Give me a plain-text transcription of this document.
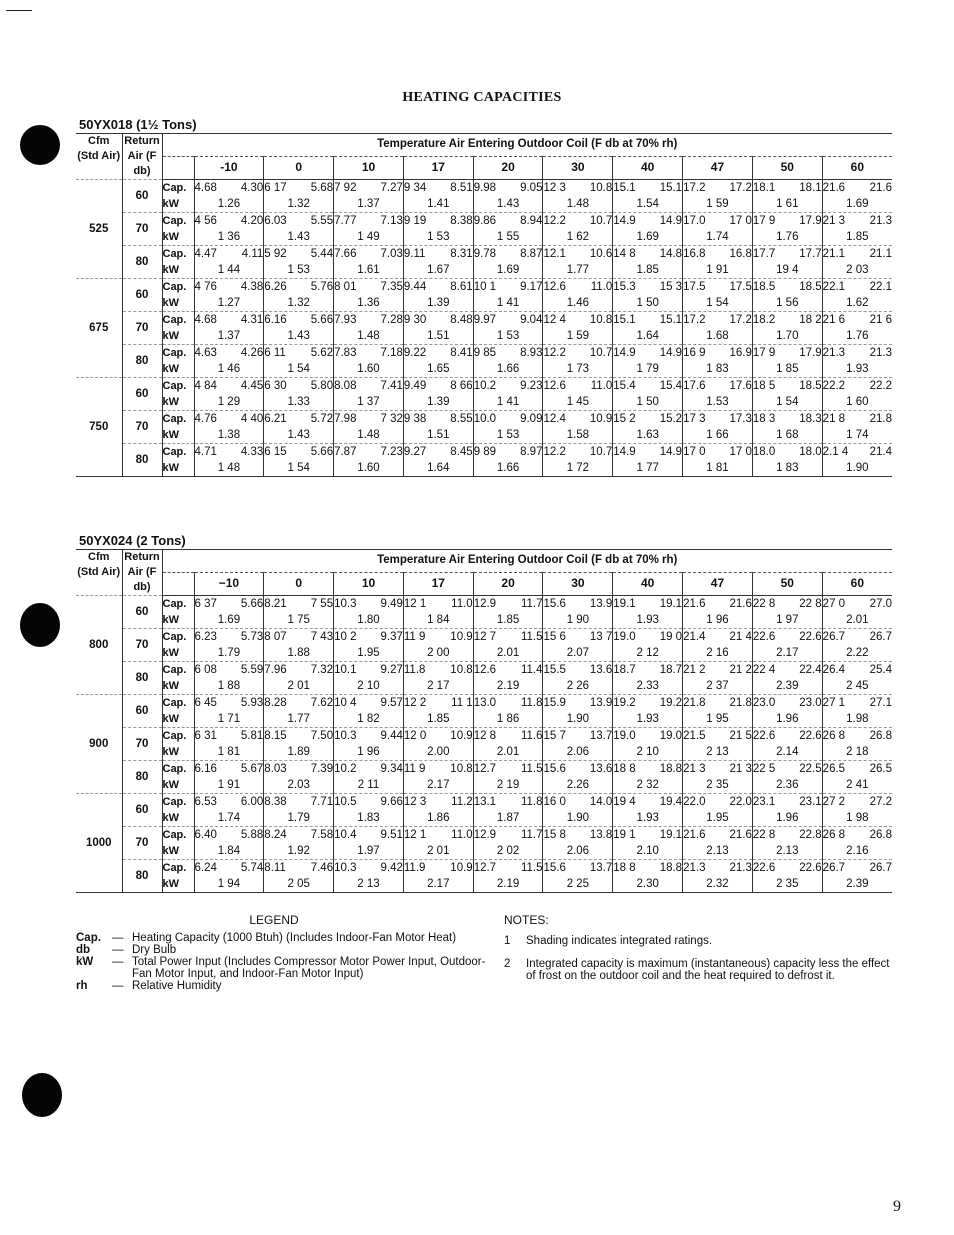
HEATING CAPACITIES
50YX018 (1½ Tons)
Cfm (Std Air)	Return Air (F db)	Temperature Air Entering Outdoor Coil (F db at 70% rh)										
			-10	0	10	17	20	30	40	47	50	60
525	60	Cap.	4.68 4.30	6 17 5.68	7 92 7.27	9 34 8.51	9.98 9.05	12 3 10.8	15.1 15.1	17.2 17.2	18.1 18.1	21.6 21.6

		kW	1.26	1.32	1.37	1.41	1.43	1.48	1.54	1 59	1 61	1.69
	70	Cap.	4 56 4.20	6.03 5.55	7.77 7.13	9 19 8.38	9.86 8.94	12.2 10.7	14.9 14.9	17.0 17 0	17 9 17.9	21 3 21.3

		kW	1 36	1.43	1 49	1 53	1 55	1 62	1.69	1.74	1.76	1.85
	80	Cap.	4.47 4.11	5 92 5.44	7.66 7.03	9.11 8.31	9.78 8.87	12.1 10.6	14 8 14.8	16.8 16.8	17.7 17.7	21.1 21.1

		kW	1 44	1 53	1.61	1.67	1.69	1.77	1.85	1 91	19 4	2 03
675	60	Cap.	4 76 4.38	6.26 5.76	8 01 7.35	9.44 8.61	10 1 9.17	12.6 11.0	15.3 15 3	17.5 17.5	18.5 18.5	22.1 22.1

		kW	1.27	1.32	1.36	1.39	1 41	1.46	1 50	1 54	1 56	1.62
	70	Cap.	4.68 4.31	6.16 5.66	7.93 7.28	9 30 8.48	9.97 9.04	12 4 10.8	15.1 15.1	17.2 17.2	18.2 18 2	21 6 21 6

		kW	1.37	1.43	1.48	1.51	1 53	1 59	1.64	1.68	1.70	1.76
	80	Cap.	4.63 4.26	6 11 5.62	7.83 7.18	9.22 8.41	9 85 8.93	12.2 10.7	14.9 14.9	16 9 16.9	17 9 17.9	21.3 21.3

		kW	1 46	1 54	1.60	1.65	1.66	1 73	1 79	1 83	1 85	1.93
750	60	Cap.	4 84 4.45	6 30 5.80	8.08 7.41	9.49 8 66	10.2 9.23	12.6 11.0	15.4 15.4	17.6 17.6	18 5 18.5	22.2 22.2

		kW	1 29	1.33	1 37	1.39	1 41	1 45	1 50	1.53	1 54	1 60
	70	Cap.	4.76 4 40	6.21 5.72	7.98 7 32	9 38 8.55	10.0 9.09	12.4 10.9	15 2 15.2	17 3 17.3	18 3 18.3	21 8 21.8

		kW	1.38	1.43	1.48	1.51	1 53	1.58	1.63	1 66	1 68	1 74
	80	Cap.	4.71 4.33	6 15 5.66	7.87 7.23	9.27 8.45	9 89 8.97	12.2 10.7	14.9 14.9	17 0 17 0	18.0 18.0	2.1 4 21.4

		kW	1 48	1 54	1.60	1.64	1.66	1 72	1 77	1 81	1 83	1.90
50YX024 (2 Tons)
Cfm (Std Air)	Return Air (F db)	Temperature Air Entering Outdoor Coil (F db at 70% rh)										
			−10	0	10	17	20	30	40	47	50	60
800	60	Cap.	6 37 5.66	8.21 7 55	10.3 9.49	12 1 11.0	12.9 11.7	15.6 13.9	19.1 19.1	21.6 21.6	22 8 22 8	27 0 27.0

		kW	1.69	1 75	1.80	1 84	1.85	1 90	1.93	1 96	1 97	2.01
	70	Cap.	6.23 5.73	8 07 7 43	10 2 9.37	11 9 10.9	12 7 11.5	15 6 13 7	19.0 19 0	21.4 21 4	22.6 22.6	26.7 26.7

		kW	1.79	1.88	1.95	2 00	2.01	2.07	2 12	2 16	2.17	2.22
	80	Cap.	6 08 5.59	7.96 7.32	10.1 9.27	11.8 10.8	12.6 11.4	15.5 13.6	18.7 18.7	21 2 21 2	22 4 22.4	26.4 25.4

		kW	1 88	2 01	2 10	2 17	2.19	2 26	2.33	2 37	2.39	2 45
900	60	Cap.	6 45 5.93	8.28 7.62	10 4 9.57	12 2 11 1	13.0 11.8	15.9 13.9	19.2 19.2	21.8 21.8	23.0 23.0	27 1 27.1

		kW	1 71	1.77	1 82	1.85	1 86	1.90	1.93	1 95	1.96	1.98
	70	Cap.	6 31 5.81	8.15 7.50	10.3 9.44	12 0 10.9	12 8 11.6	15 7 13.7	19.0 19.0	21.5 21 5	22.6 22.6	26 8 26.8

		kW	1 81	1.89	1 96	2.00	2.01	2.06	2 10	2 13	2.14	2 18
	80	Cap.	6.16 5.67	8.03 7.39	10.2 9.34	11 9 10.8	12.7 11.5	15.6 13.6	18 8 18.8	21 3 21 3	22 5 22.5	26.5 26.5

		kW	1 91	2.03	2 11	2.17	2 19	2.26	2 32	2 35	2.36	2 41
1000	60	Cap.	6.53 6.00	8.38 7.71	10.5 9.66	12 3 11.2	13.1 11.8	16 0 14.0	19 4 19.4	22.0 22.0	23.1 23.1	27 2 27.2

		kW	1.74	1.79	1.83	1.86	1.87	1.90	1.93	1.95	1.96	1 98
	70	Cap.	6.40 5.88	8.24 7.58	10.4 9.51	12 1 11.0	12.9 11.7	15 8 13.8	19 1 19.1	21.6 21.6	22 8 22.8	26 8 26.8

		kW	1.84	1.92	1.97	2 01	2 02	2.06	2.10	2.13	2.13	2.16
	80	Cap.	6.24 5.74	8.11 7.46	10.3 9.42	11.9 10.9	12.7 11.5	15.6 13.7	18 8 18.8	21.3 21.3	22.6 22.6	26.7 26.7

		kW	1 94	2 05	2 13	2.17	2.19	2 25	2.30	2.32	2 35	2.39
LEGEND
Cap. — Heating Capacity (1000 Btuh) (Includes Indoor-Fan Motor Heat)
db	— Dry Bulb
kW	— Total Power Input (Includes Compressor Motor Power Input, Outdoor-Fan Motor Input, and Indoor-Fan Motor Input)
rh	— Relative Humidity
NOTES:
1	Shading indicates integrated ratings.
2	Integrated capacity is maximum (instantaneous) capacity less the effect of frost on the outdoor coil and the heat required to defrost it.
9
